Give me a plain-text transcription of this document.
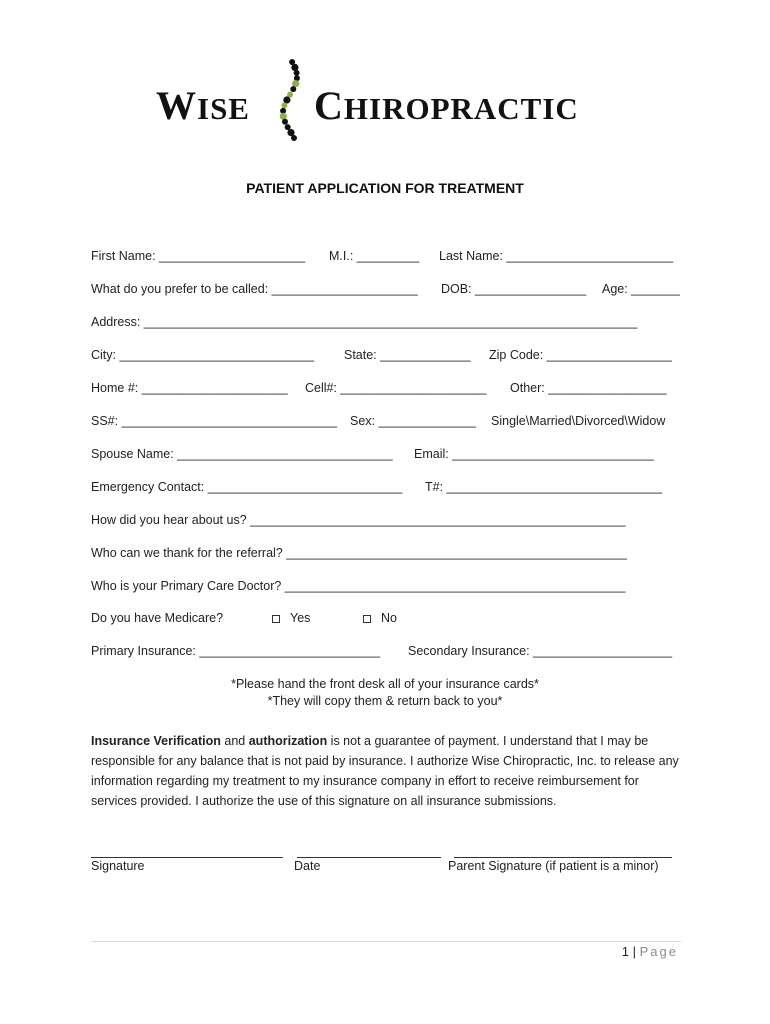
WISE CHIROPRACTIC
PATIENT APPLICATION FOR TREATMENT
First Name: _____________________ M.I.: _________ Last Name: ________________________
What do you prefer to be called: _____________________ DOB: ________________ Age: _______
Address: _______________________________________________________________________
City: ____________________________ State: _____________ Zip Code: __________________
Home #: _____________________ Cell#: _____________________ Other: _________________
SS#: _______________________________ Sex: ______________ Single\Married\Divorced\Widow
Spouse Name: _______________________________ Email: _____________________________
Emergency Contact: ____________________________ T#: _______________________________
How did you hear about us? ______________________________________________________
Who can we thank for the referral? _________________________________________________
Who is your Primary Care Doctor? _________________________________________________
Do you have Medicare?	Yes	No
Primary Insurance: __________________________ Secondary Insurance: ____________________
*Please hand the front desk all of your insurance cards*
*They will copy them & return back to you*
Insurance Verification and authorization is not a guarantee of payment. I understand that I may be responsible for any balance that is not paid by insurance. I authorize Wise Chiropractic, Inc. to release any information regarding my treatment to my insurance company in effort to receive reimbursement for services provided. I authorize the use of this signature on all insurance submissions.
Signature	Date	Parent Signature (if patient is a minor)
1 | Page
